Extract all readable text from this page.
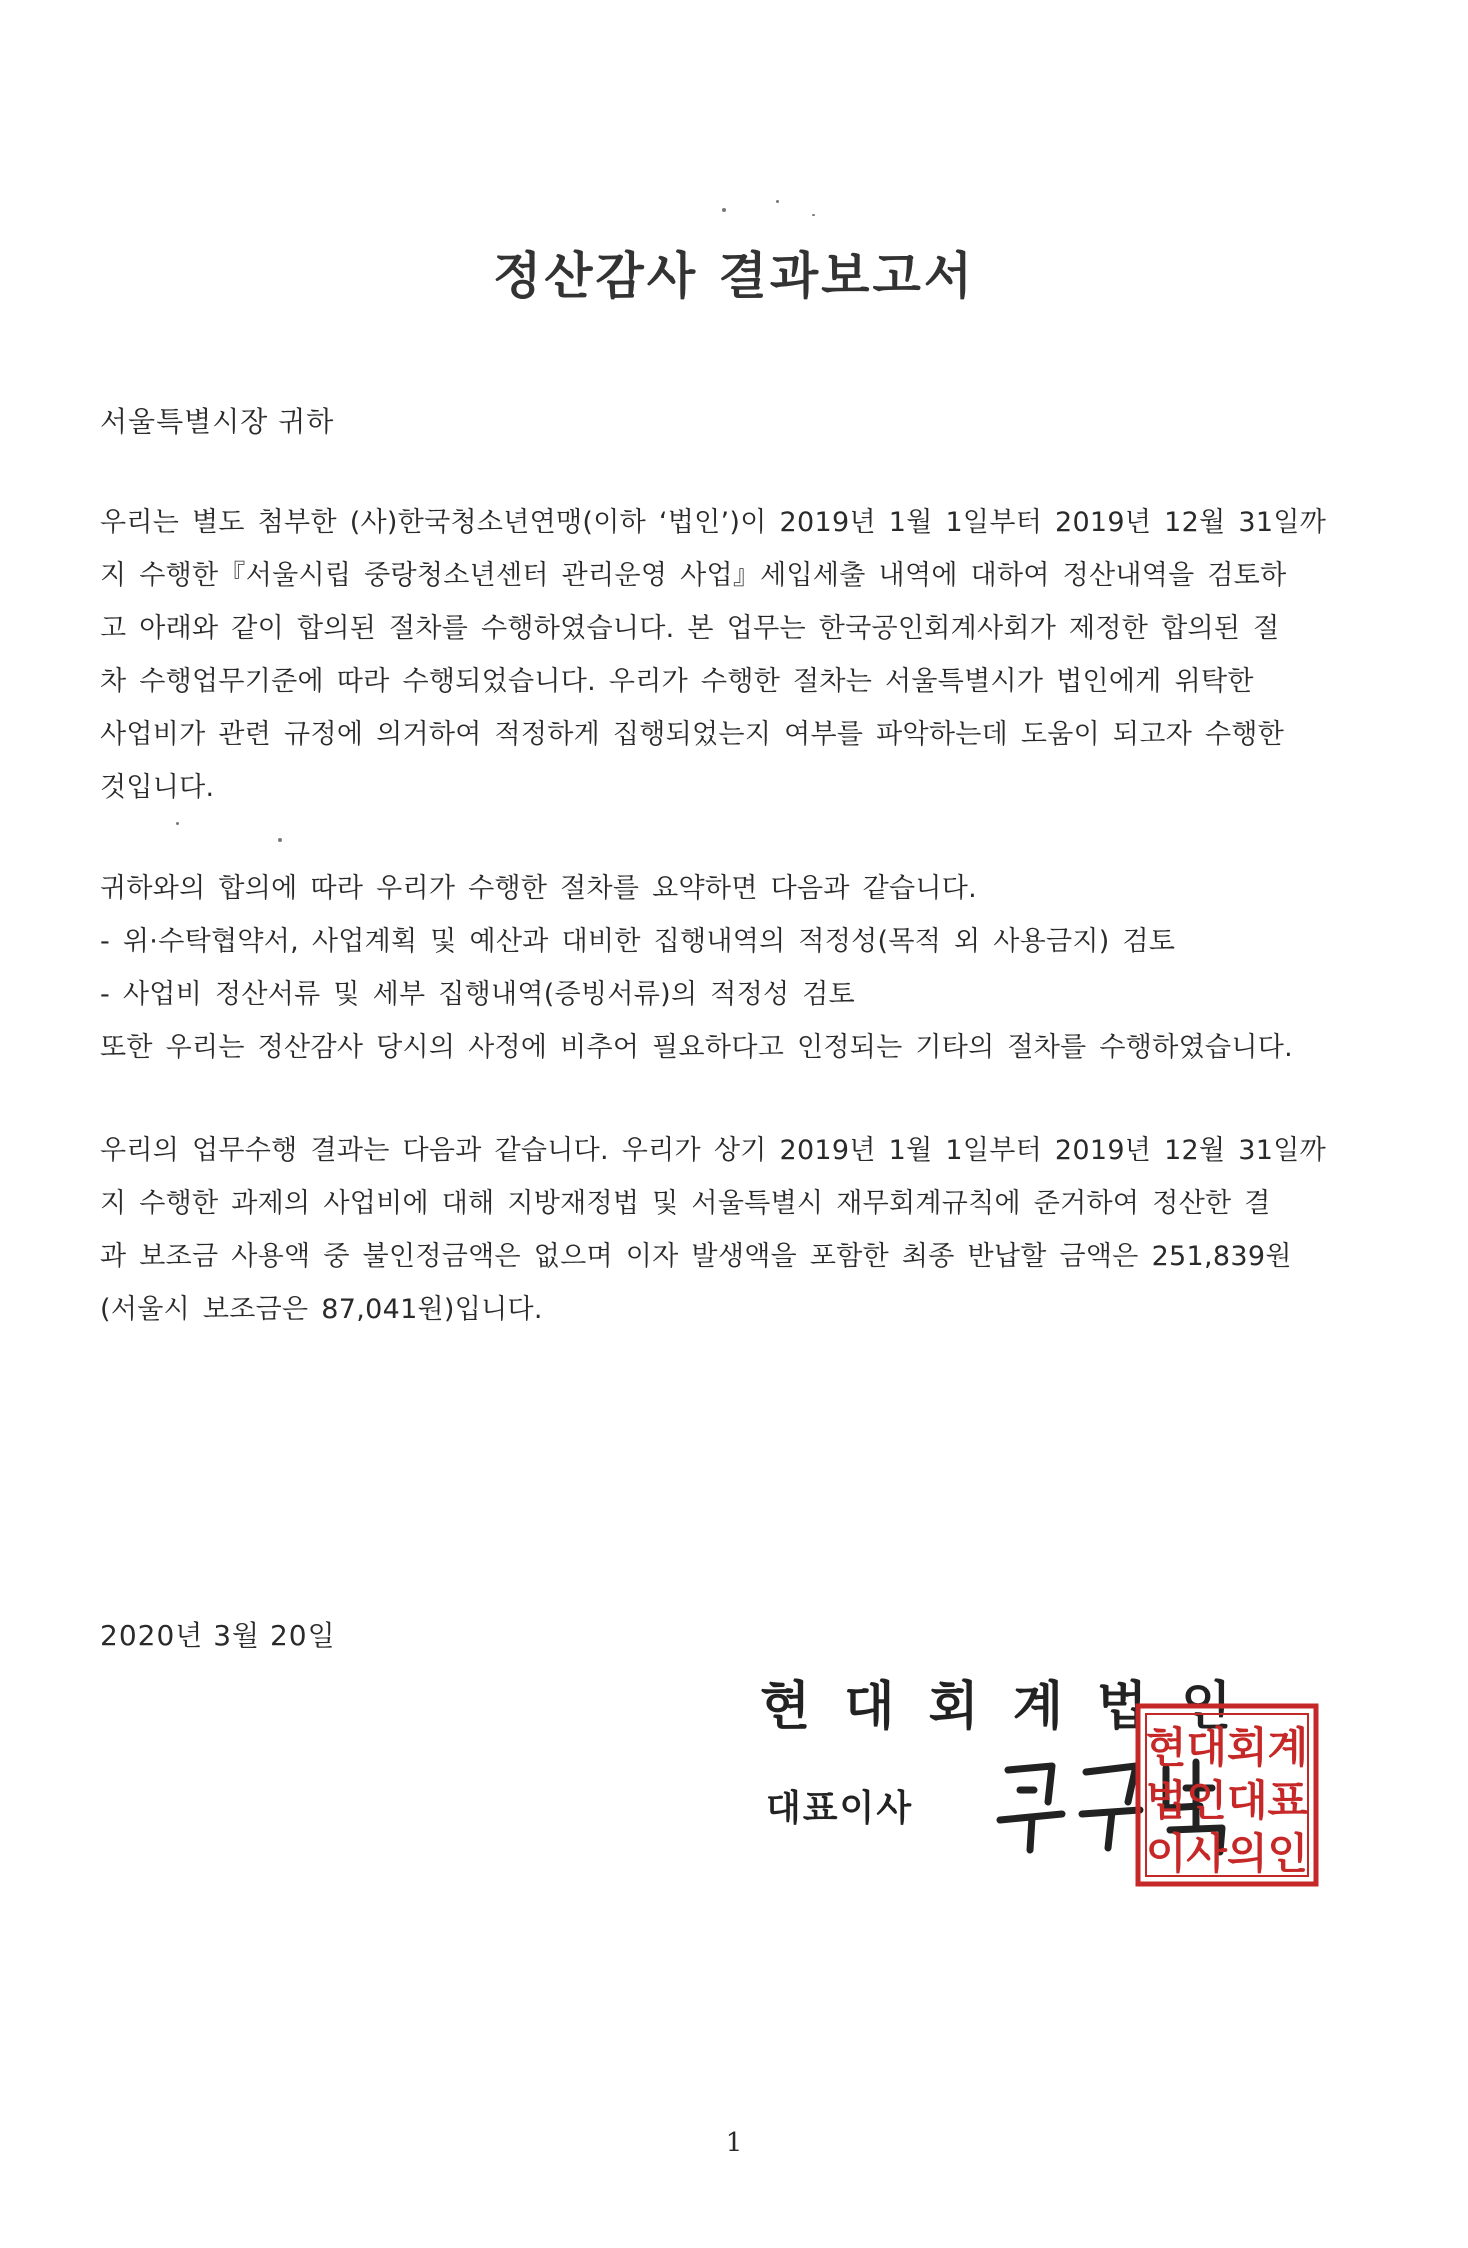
정산감사 결과보고서
서울특별시장 귀하
우리는 별도 첨부한 (사)한국청소년연맹(이하 ‘법인’)이 2019년 1월 1일부터 2019년 12월 31일까
지 수행한『서울시립 중랑청소년센터 관리운영 사업』세입세출 내역에 대하여 정산내역을 검토하
고 아래와 같이 합의된 절차를 수행하였습니다. 본 업무는 한국공인회계사회가 제정한 합의된 절
차 수행업무기준에 따라 수행되었습니다. 우리가 수행한 절차는 서울특별시가 법인에게 위탁한
사업비가 관련 규정에 의거하여 적정하게 집행되었는지 여부를 파악하는데 도움이 되고자 수행한
것입니다.
귀하와의 합의에 따라 우리가 수행한 절차를 요약하면 다음과 같습니다.
- 위·수탁협약서, 사업계획 및 예산과 대비한 집행내역의 적정성(목적 외 사용금지) 검토
- 사업비 정산서류 및 세부 집행내역(증빙서류)의 적정성 검토
또한 우리는 정산감사 당시의 사정에 비추어 필요하다고 인정되는 기타의 절차를 수행하였습니다.
우리의 업무수행 결과는 다음과 같습니다. 우리가 상기 2019년 1월 1일부터 2019년 12월 31일까
지 수행한 과제의 사업비에 대해 지방재정법 및 서울특별시 재무회계규칙에 준거하여 정산한 결
과 보조금 사용액 중 불인정금액은 없으며 이자 발생액을 포함한 최종 반납할 금액은 251,839원
(서울시 보조금은 87,041원)입니다.
2020년 3월 20일
현대회계법인
대표이사
현대회계
법인대표
이사의인
1
